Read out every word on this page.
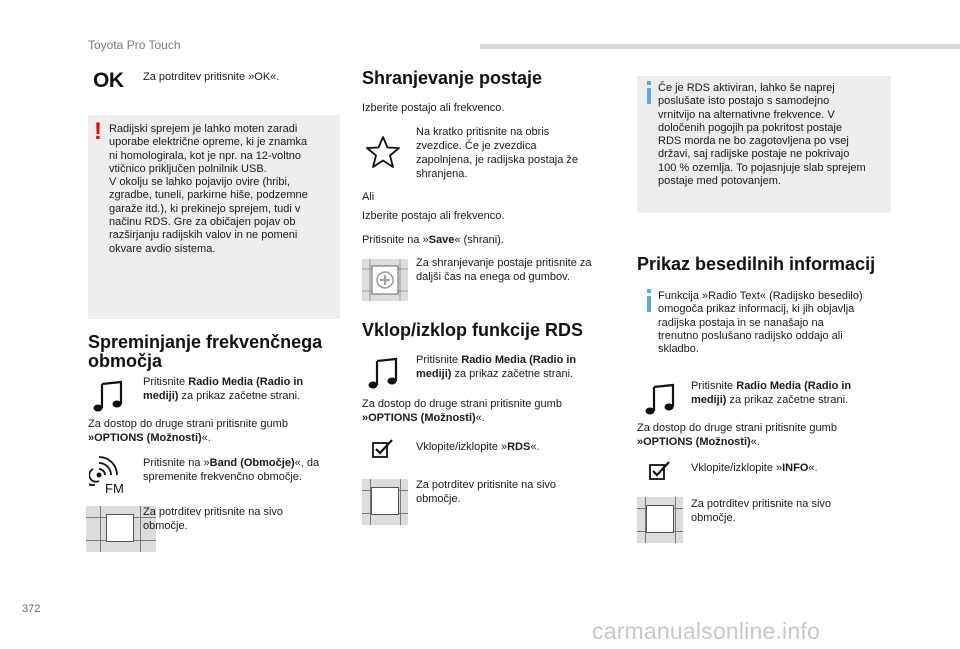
Toyota Pro Touch
372
carmanualsonline.info
OK Za potrditev pritisnite »OK«.

! Radijski sprejem je lahko moten zaradi
uporabe električne opreme, ki je znamka
ni homologirala, kot je npr. na 12-voltno
vtičnico priključen polnilnik USB.
V okolju se lahko pojavijo ovire (hribi,
zgradbe, tuneli, parkirne hiše, podzemne
garaže itd.), ki prekinejo sprejem, tudi v
načinu RDS. Gre za običajen pojav ob
razširjanju radijskih valov in ne pomeni
okvare avdio sistema.

Spreminjanje frekvenčnega
območja

Pritisnite Radio Media (Radio in

mediji) za prikaz začetne strani.

Za dostop do druge strani pritisnite gumb

»OPTIONS (Možnosti)«.

FM

Pritisnite na »Band (Območje)«, da

spremenite frekvenčno območje.

Za potrditev pritisnite na sivo

območje.

Shranjevanje postaje

Izberite postajo ali frekvenco.

Na kratko pritisnite na obris
zvezdice. Če je zvezdica
zapolnjena, je radijska postaja že
shranjena.

Ali

Izberite postajo ali frekvenco.

Pritisnite na »Save« (shrani).

Za shranjevanje postaje pritisnite za
daljši čas na enega od gumbov.

Vklop/izklop funkcije RDS

Pritisnite Radio Media (Radio in

mediji) za prikaz začetne strani.

Za dostop do druge strani pritisnite gumb

»OPTIONS (Možnosti)«.

Vklopite/izklopite »RDS«.

Za potrditev pritisnite na sivo

območje.

Če je RDS aktiviran, lahko še naprej
poslušate isto postajo s samodejno
vrnitvijo na alternativne frekvence. V
določenih pogojih pa pokritost postaje
RDS morda ne bo zagotovljena po vsej
državi, saj radijske postaje ne pokrivajo
100 % ozemlja. To pojasnjuje slab sprejem
postaje med potovanjem.

Prikaz besedilnih informacij

Funkcija »Radio Text« (Radijsko besedilo)
omogoča prikaz informacij, ki jih objavlja
radijska postaja in se nanašajo na
trenutno poslušano radijsko oddajo ali
skladbo.

Pritisnite Radio Media (Radio in

mediji) za prikaz začetne strani.

Za dostop do druge strani pritisnite gumb

»OPTIONS (Možnosti)«.

Vklopite/izklopite »INFO«.

Za potrditev pritisnite na sivo

območje.
